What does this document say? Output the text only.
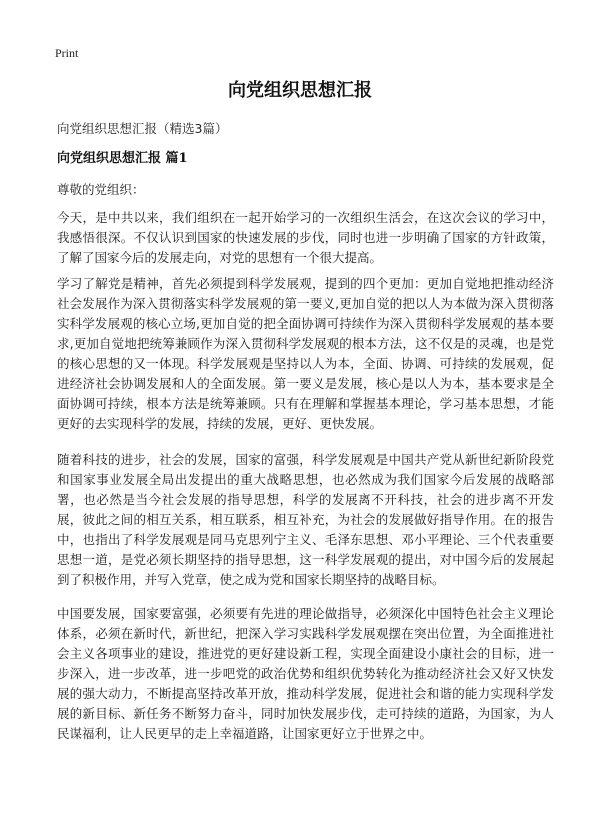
Print
向党组织思想汇报
向党组织思想汇报（精选3篇）
向党组织思想汇报 篇1
尊敬的党组织：

今天，是中共以来，我们组织在一起开始学习的一次组织生活会，在这次会议的学习中，我感悟很深。不仅认识到国家的快速发展的步伐，同时也进一步明确了国家的方针政策，了解了国家今后的发展走向，对党的思想有一个很大提高。

学习了解党是精神，首先必须提到科学发展观，提到的四个更加：更加自觉地把推动经济社会发展作为深入贯彻落实科学发展观的第一要义,更加自觉的把以人为本做为深入贯彻落实科学发展观的核心立场,更加自觉的把全面协调可持续作为深入贯彻科学发展观的基本要求,更加自觉地把统筹兼顾作为深入贯彻科学发展观的根本方法，这不仅是的灵魂，也是党的核心思想的又一体现。科学发展观是坚持以人为本，全面、协调、可持续的发展观，促进经济社会协调发展和人的全面发展。第一要义是发展，核心是以人为本，基本要求是全面协调可持续，根本方法是统筹兼顾。只有在理解和掌握基本理论，学习基本思想，才能更好的去实现科学的发展，持续的发展，更好、更快发展。

随着科技的进步，社会的发展，国家的富强，科学发展观是中国共产党从新世纪新阶段党和国家事业发展全局出发提出的重大战略思想，也必然成为我们国家今后发展的战略部署，也必然是当今社会发展的指导思想，科学的发展离不开科技，社会的进步离不开发展，彼此之间的相互关系，相互联系，相互补充，为社会的发展做好指导作用。在的报告中，也指出了科学发展观是同马克思列宁主义、毛泽东思想、邓小平理论、三个代表重要思想一道，是党必须长期坚持的指导思想，这一科学发展观的提出，对中国今后的发展起到了积极作用，并写入党章，使之成为党和国家长期坚持的战略目标。

中国要发展，国家要富强，必须要有先进的理论做指导，必须深化中国特色社会主义理论体系，必须在新时代，新世纪，把深入学习实践科学发展观摆在突出位置，为全面推进社会主义各项事业的建设，推进党的更好建设新工程，实现全面建设小康社会的目标，进一步深入，进一步改革，进一步吧党的政治优势和组织优势转化为推动经济社会又好又快发展的强大动力，不断提高坚持改革开放，推动科学发展，促进社会和谐的能力实现科学发展的新目标、新任务不断努力奋斗，同时加快发展步伐，走可持续的道路，为国家，为人民谋福利，让人民更早的走上幸福道路，让国家更好立于世界之中。
